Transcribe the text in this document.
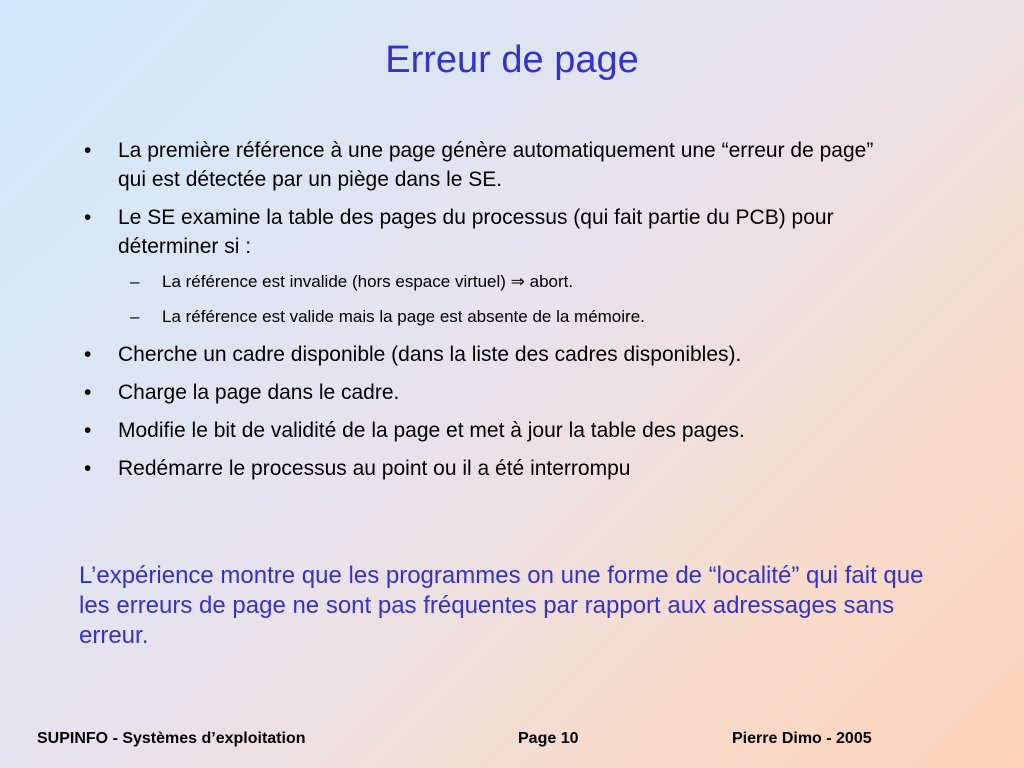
Erreur de page
• La première référence à une page génère automatiquement une “erreur de page” qui est détectée par un piège dans le SE.
• Le SE examine la table des pages du processus (qui fait partie du PCB) pour déterminer si :
– La référence est invalide (hors espace virtuel) ⇒ abort.
– La référence est valide mais la page est absente de la mémoire.
• Cherche un cadre disponible (dans la liste des cadres disponibles).
• Charge la page dans le cadre.
• Modifie le bit de validité de la page et met à jour la table des pages.
• Redémarre le processus au point ou il a été interrompu
L’expérience montre que les programmes on une forme de “localité” qui fait que les erreurs de page ne sont pas fréquentes par rapport aux adressages sans erreur.
SUPINFO - Systèmes d’exploitation	Page 10	Pierre Dimo - 2005
